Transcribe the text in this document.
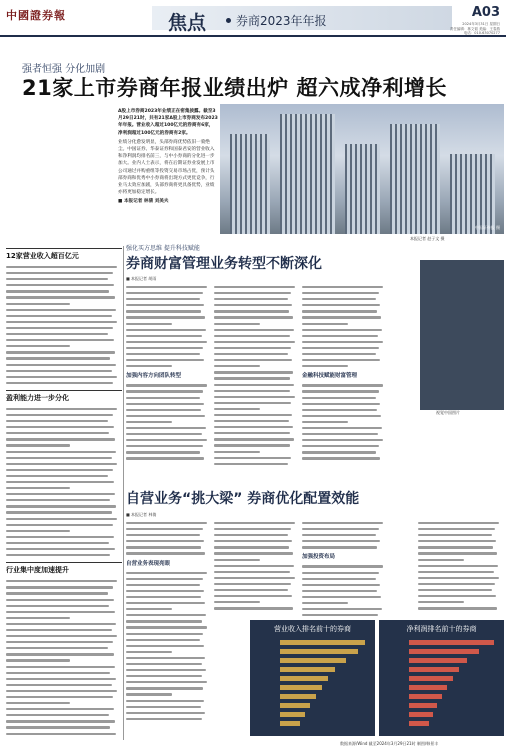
中國證券報	焦点 券商2023年年报
A03
2024年3月31日 星期日
责任编辑：林文韬 美编：王春燕
电话：010-63070277
强者恒强 分化加剧
21家上市券商年报业绩出炉 超六成净利增长

A股上市券商2023年业绩正在密集披露。截至3月29日21时，共有21家A股上市券商发布2023年年报。营业收入超过100亿元的券商有6家，净利润超过100亿元的券商有2家。

业绩分化愈发明显，头部券商优势依旧一骑绝尘。中国证券、华泰证券和国泰君安的营业收入和净利润均排名前三，与中小券商的分化进一步加大。业内人士表示，将在后期证券业发展上市公司通过并购重组等投资交易市场占优，预计头部券商和优秀中小券商将出现方式更优竞争，行业马太效应加剧，头部券商将更具备优势，业绩亦将更加稳定增长。

■ 本报记者 林倩 刘美夫

中国证券报 摄
本报记者 赵子文 摄
12家营业收入超百亿元
盈利能力进一步分化
行业集中度加速提升
强化买方思维 提升科技赋能
券商财富管理业务转型不断深化
■ 本报记者 胡雨
加强内容方向团队转型	金融科技赋能财富管理
视觉中国图片
自营业务“挑大梁” 券商优化配置效能
■ 本报记者 林倩
自营业务表现亮眼
加强投资布局
营业收入排名前十的券商	净利润排名前十的券商
数据来源/Wind 截至2024年3月29日21时 制图/韩景丰
